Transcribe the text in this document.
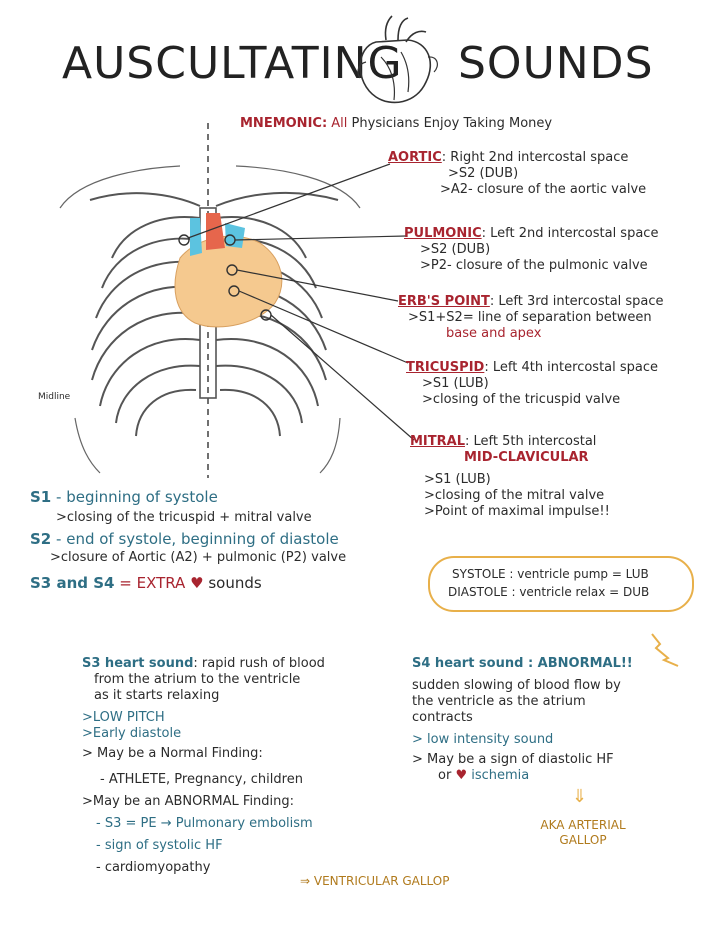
AUSCULTATING SOUNDS
MNEMONIC: All Physicians Enjoy Taking Money
Midline
AORTIC: Right 2nd intercostal space
>S2 (DUB)
>A2- closure of the aortic valve
PULMONIC: Left 2nd intercostal space
>S2 (DUB)
>P2- closure of the pulmonic valve
ERB'S POINT: Left 3rd intercostal space
>S1+S2= line of separation between
base and apex
TRICUSPID: Left 4th intercostal space
>S1 (LUB)
>closing of the tricuspid valve
MITRAL: Left 5th intercostal
MID-CLAVICULAR
>S1 (LUB)
>closing of the mitral valve
>Point of maximal impulse!!
S1 - beginning of systole
>closing of the tricuspid + mitral valve
S2 - end of systole, beginning of diastole
>closure of Aortic (A2) + pulmonic (P2) valve
S3 and S4 = EXTRA ♥ sounds	SYSTOLE : ventricle pump = LUB
DIASTOLE : ventricle relax = DUB
S3 heart sound: rapid rush of blood
from the atrium to the ventricle
as it starts relaxing
>LOW PITCH
>Early diastole
> May be a Normal Finding:
- ATHLETE, Pregnancy, children
>May be an ABNORMAL Finding:
- S3 = PE → Pulmonary embolism
- sign of systolic HF
- cardiomyopathy
⇒ VENTRICULAR GALLOP
S4 heart sound : ABNORMAL!!
sudden slowing of blood flow by
the ventricle as the atrium
contracts
> low intensity sound
> May be a sign of diastolic HF
or ♥ ischemia
⇓
AKA ARTERIAL
GALLOP
